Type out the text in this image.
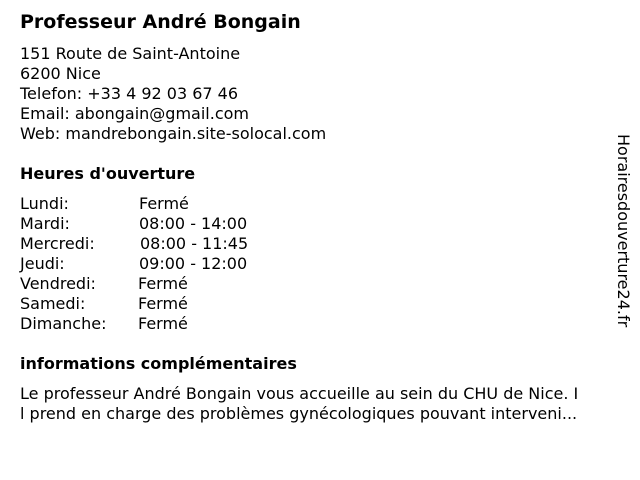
Professeur André Bongain
151 Route de Saint-Antoine
6200 Nice
Telefon: +33 4 92 03 67 46
Email: abongain@gmail.com
Web: mandrebongain.site-solocal.com
Heures d'ouverture
Lundi:	Fermé
Mardi:	08:00 - 14:00
Mercredi:	08:00 - 11:45
Jeudi:	09:00 - 12:00
Vendredi:	Fermé
Samedi:	Fermé
Dimanche: Fermé
informations complémentaires
Le professeur André Bongain vous accueille au sein du CHU de Nice. I
l prend en charge des problèmes gynécologiques pouvant interveni...
Horairesdouverture24.fr
